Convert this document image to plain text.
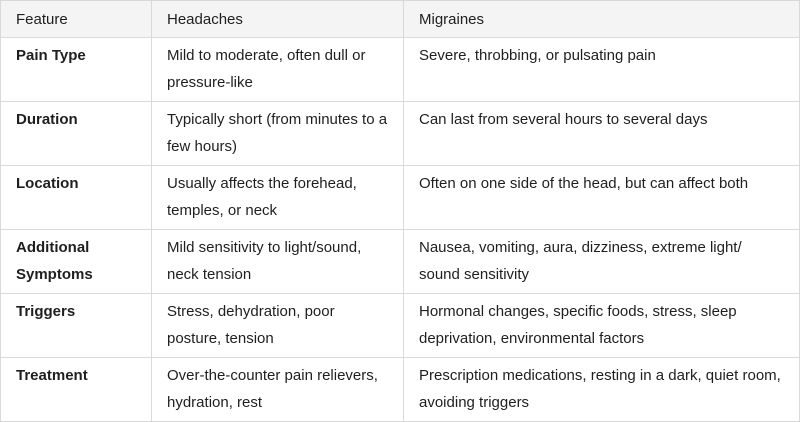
Feature	Headaches	Migraines
Pain Type	Mild to moderate, often dull or pressure-like	Severe, throbbing, or pulsating pain
Duration	Typically short (from minutes to a few hours)	Can last from several hours to several days
Location	Usually affects the forehead, temples, or neck	Often on one side of the head, but can affect both
Additional Symptoms	Mild sensitivity to light/sound, neck tension	Nausea, vomiting, aura, dizziness, extreme light/ sound sensitivity
Triggers	Stress, dehydration, poor posture, tension	Hormonal changes, specific foods, stress, sleep deprivation, environmental factors
Treatment	Over-the-counter pain relievers, hydration, rest	Prescription medications, resting in a dark, quiet room, avoiding triggers
